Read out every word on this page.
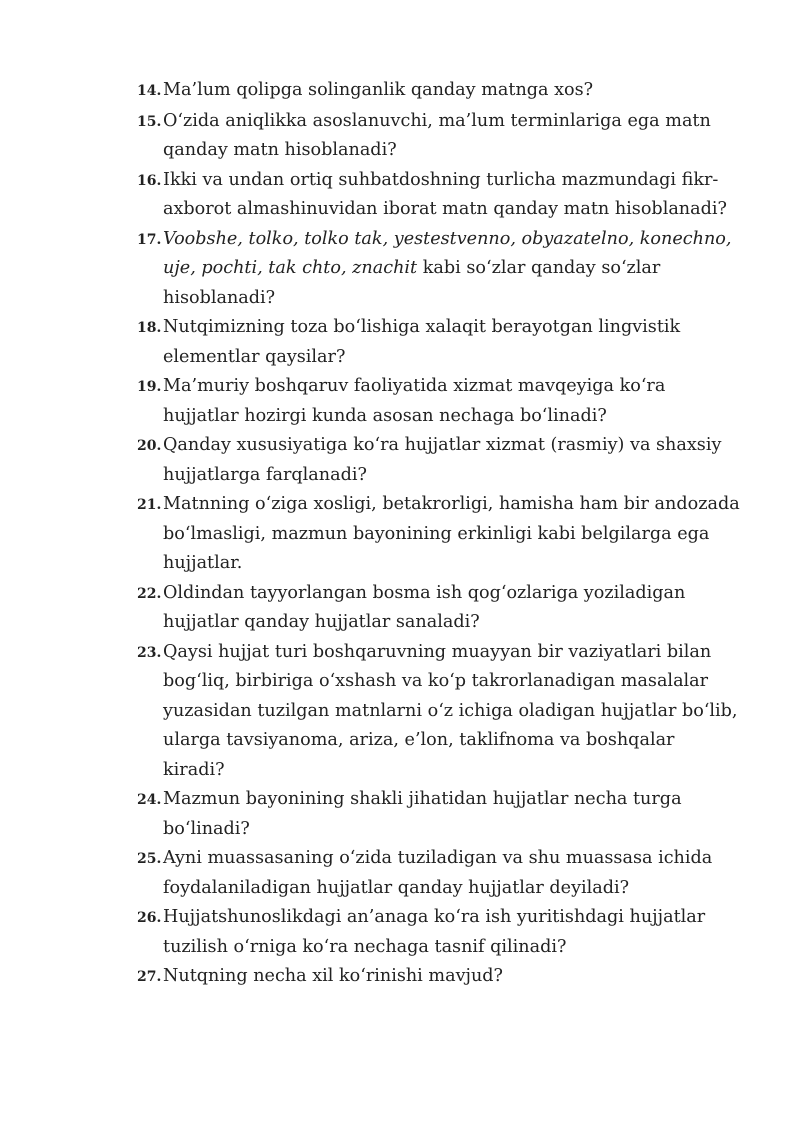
14. Ma’lum qolipga solinganlik qanday matnga xos?
15. O‘zida aniqlikka asoslanuvchi, ma’lum terminlariga ega matn
qanday matn hisoblanadi?
16. Ikki va undan ortiq suhbatdoshning turlicha mazmundagi fikr-
axborot almashinuvidan iborat matn qanday matn hisoblanadi?
17. Voobshe, tolko, tolko tak, yestestvenno, obyazatelno, konechno,
uje, pochti, tak chto, znachit kabi so‘zlar qanday so‘zlar
hisoblanadi?
18. Nutqimizning toza bo‘lishiga xalaqit berayotgan lingvistik
elementlar qaysilar?
19. Ma’muriy boshqaruv faoliyatida xizmat mavqeyiga ko‘ra
hujjatlar hozirgi kunda asosan nechaga bo‘linadi?
20. Qanday xususiyatiga ko‘ra hujjatlar xizmat (rasmiy) va shaxsiy
hujjatlarga farqlanadi?
21. Matnning o‘ziga xosligi, betakrorligi, hamisha ham bir andozada
bo‘lmasligi, mazmun bayonining erkinligi kabi belgilarga ega
hujjatlar.
22. Oldindan tayyorlangan bosma ish qog‘ozlariga yoziladigan
hujjatlar qanday hujjatlar sanaladi?
23. Qaysi hujjat turi boshqaruvning muayyan bir vaziyatlari bilan
bog‘liq, birbiriga o‘xshash va ko‘p takrorlanadigan masalalar
yuzasidan tuzilgan matnlarni o‘z ichiga oladigan hujjatlar bo‘lib,
ularga tavsiyanoma, ariza, e’lon, taklifnoma va boshqalar
kiradi?
24. Mazmun bayonining shakli jihatidan hujjatlar necha turga
bo‘linadi?
25. Ayni muassasaning o‘zida tuziladigan va shu muassasa ichida
foydalaniladigan hujjatlar qanday hujjatlar deyiladi?
26. Hujjatshunoslikdagi an’anaga ko‘ra ish yuritishdagi hujjatlar
tuzilish o‘rniga ko‘ra nechaga tasnif qilinadi?
27. Nutqning necha xil ko‘rinishi mavjud?
